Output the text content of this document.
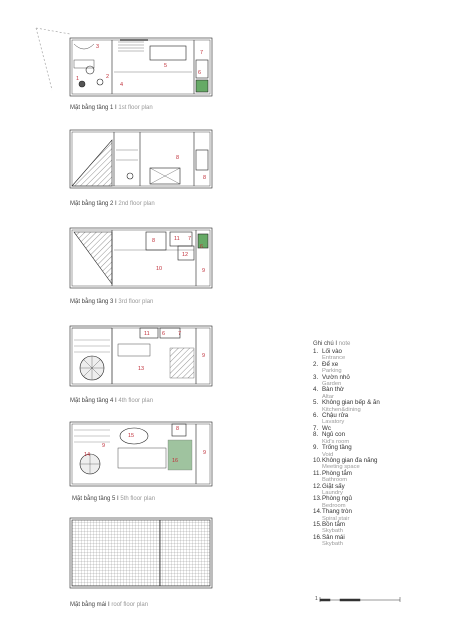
3
5
7
6
1	2
4
8
8
8	11 7
12
6
10	9
11 6 7
13
9
15
8
9
14
16
9
Mặt bằng tầng 1 I 1st floor plan
Mặt bằng tầng 2 I 2nd floor plan
Mặt bằng tầng 3 I 3rd floor plan
Mặt bằng tầng 4 I 4th floor plan
Mặt bằng tầng 5 I 5th floor plan
Mặt bằng mái I roof floor plan
Ghi chú I note
1. Lối vào
Entrance
2. Để xe
Parking
3. Vườn nhỏ
Garden
4. Bàn thờ
Altar
5. Không gian bếp & ăn
Kitchen&dining
6. Chậu rửa
Lavatory
7. Wc
8. Ngủ con
Kid's room
9. Trống tầng
Void
10. Không gian đa năng
Meeting space
11. Phòng tắm
Bathroom
12. Giặt sấy
Laundry
13. Phòng ngủ
Bedroom
14. Thang tròn
Spiral stair
15. Bồn tắm
Skybath
16. Sân mái
Skybath
1
